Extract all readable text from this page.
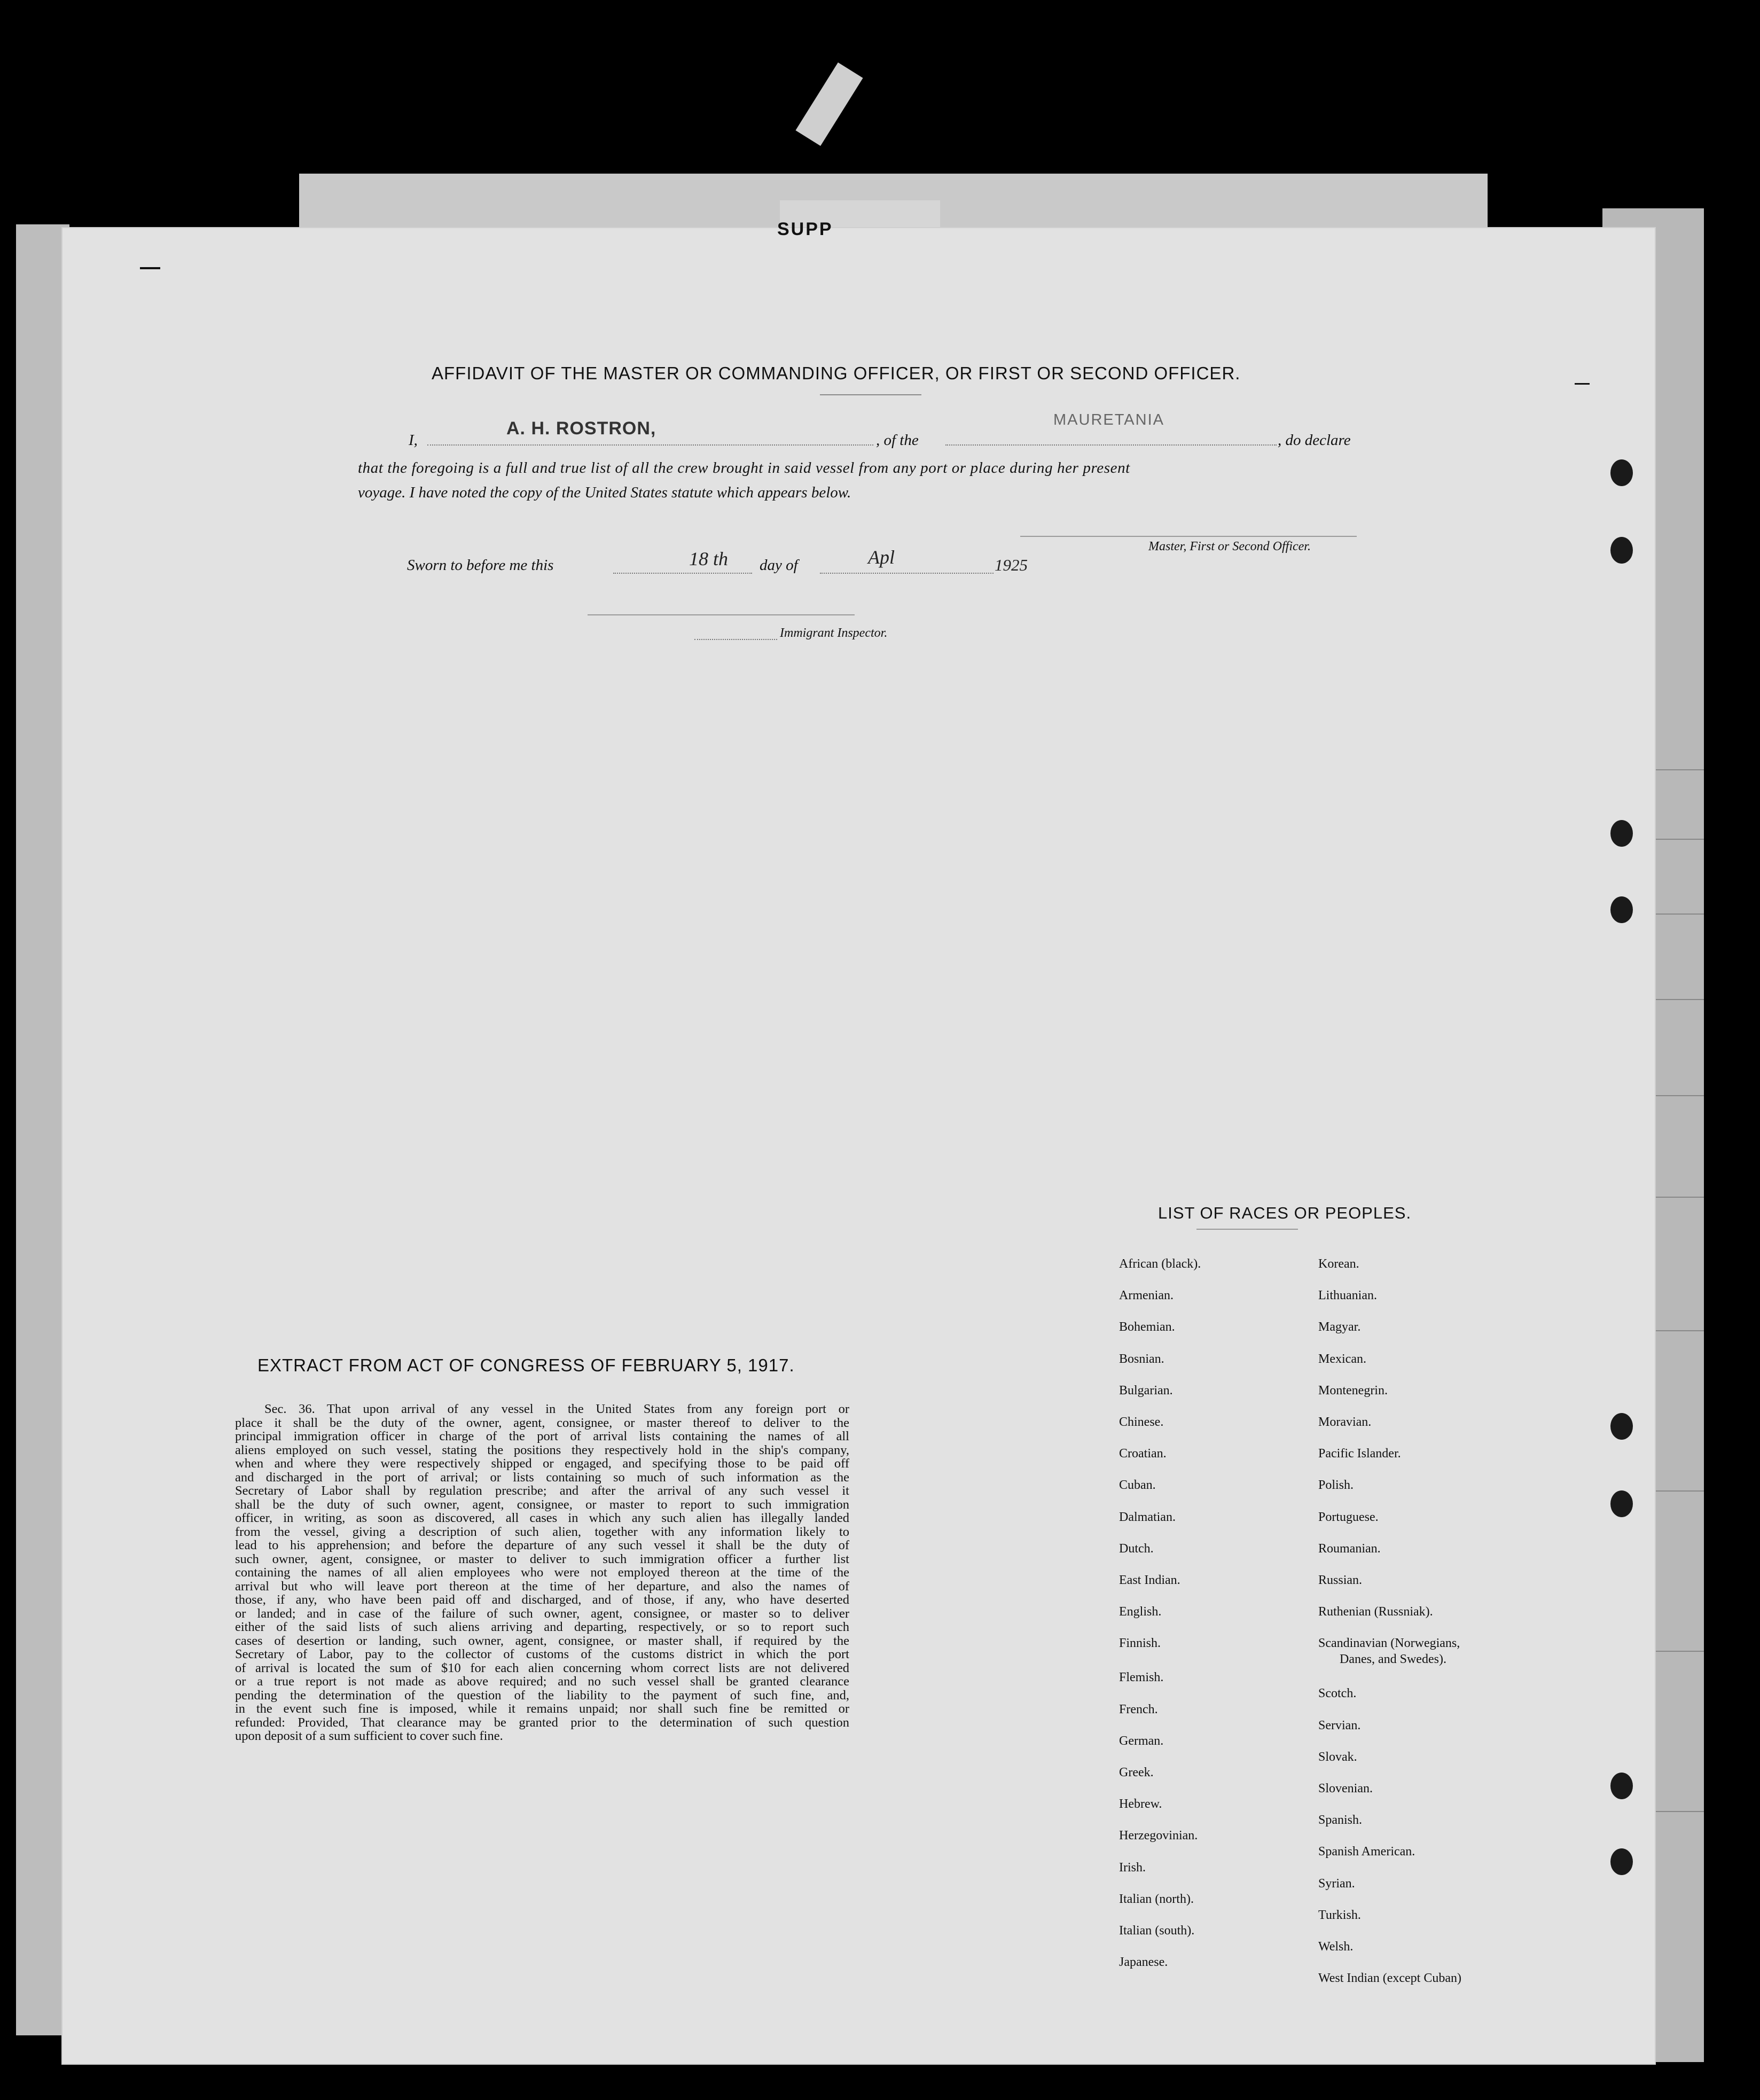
SUPP
AFFIDAVIT OF THE MASTER OR COMMANDING OFFICER, OR FIRST OR SECOND OFFICER.
I,
A. H. ROSTRON,
, of the
MAURETANIA
, do declare
that the foregoing is a full and true list of all the crew brought in said vessel from any port or place during her present
voyage. I have noted the copy of the United States statute which appears below.
Master, First or Second Officer.
Sworn to before me this	18 th day of	Apl	1925
Immigrant Inspector.
EXTRACT FROM ACT OF CONGRESS OF FEBRUARY 5, 1917.
Sec. 36. That upon arrival of any vessel in the United States from any foreign port or
place it shall be the duty of the owner, agent, consignee, or master thereof to deliver to the
principal immigration officer in charge of the port of arrival lists containing the names of all
aliens employed on such vessel, stating the positions they respectively hold in the ship's company,
when and where they were respectively shipped or engaged, and specifying those to be paid off
and discharged in the port of arrival; or lists containing so much of such information as the
Secretary of Labor shall by regulation prescribe; and after the arrival of any such vessel it
shall be the duty of such owner, agent, consignee, or master to report to such immigration
officer, in writing, as soon as discovered, all cases in which any such alien has illegally landed
from the vessel, giving a description of such alien, together with any information likely to
lead to his apprehension; and before the departure of any such vessel it shall be the duty of
such owner, agent, consignee, or master to deliver to such immigration officer a further list
containing the names of all alien employees who were not employed thereon at the time of the
arrival but who will leave port thereon at the time of her departure, and also the names of
those, if any, who have been paid off and discharged, and of those, if any, who have deserted
or landed; and in case of the failure of such owner, agent, consignee, or master so to deliver
either of the said lists of such aliens arriving and departing, respectively, or so to report such
cases of desertion or landing, such owner, agent, consignee, or master shall, if required by the
Secretary of Labor, pay to the collector of customs of the customs district in which the port
of arrival is located the sum of $10 for each alien concerning whom correct lists are not delivered
or a true report is not made as above required; and no such vessel shall be granted clearance
pending the determination of the question of the liability to the payment of such fine, and,
in the event such fine is imposed, while it remains unpaid; nor shall such fine be remitted or
refunded: Provided, That clearance may be granted prior to the determination of such question
upon deposit of a sum sufficient to cover such fine.
LIST OF RACES OR PEOPLES.
African (black).
Armenian.
Bohemian.
Bosnian.
Bulgarian.
Chinese.
Croatian.
Cuban.
Dalmatian.
Dutch.
East Indian.
English.
Finnish.
Flemish.
French.
German.
Greek.
Hebrew.
Herzegovinian.
Irish.
Italian (north).
Italian (south).
Japanese.
Korean.
Lithuanian.
Magyar.
Mexican.
Montenegrin.
Moravian.
Pacific Islander.
Polish.
Portuguese.
Roumanian.
Russian.
Ruthenian (Russniak).
Scandinavian (Norwegians,
Danes, and Swedes).
Scotch.
Servian.
Slovak.
Slovenian.
Spanish.
Spanish American.
Syrian.
Turkish.
Welsh.
West Indian (except Cuban)
